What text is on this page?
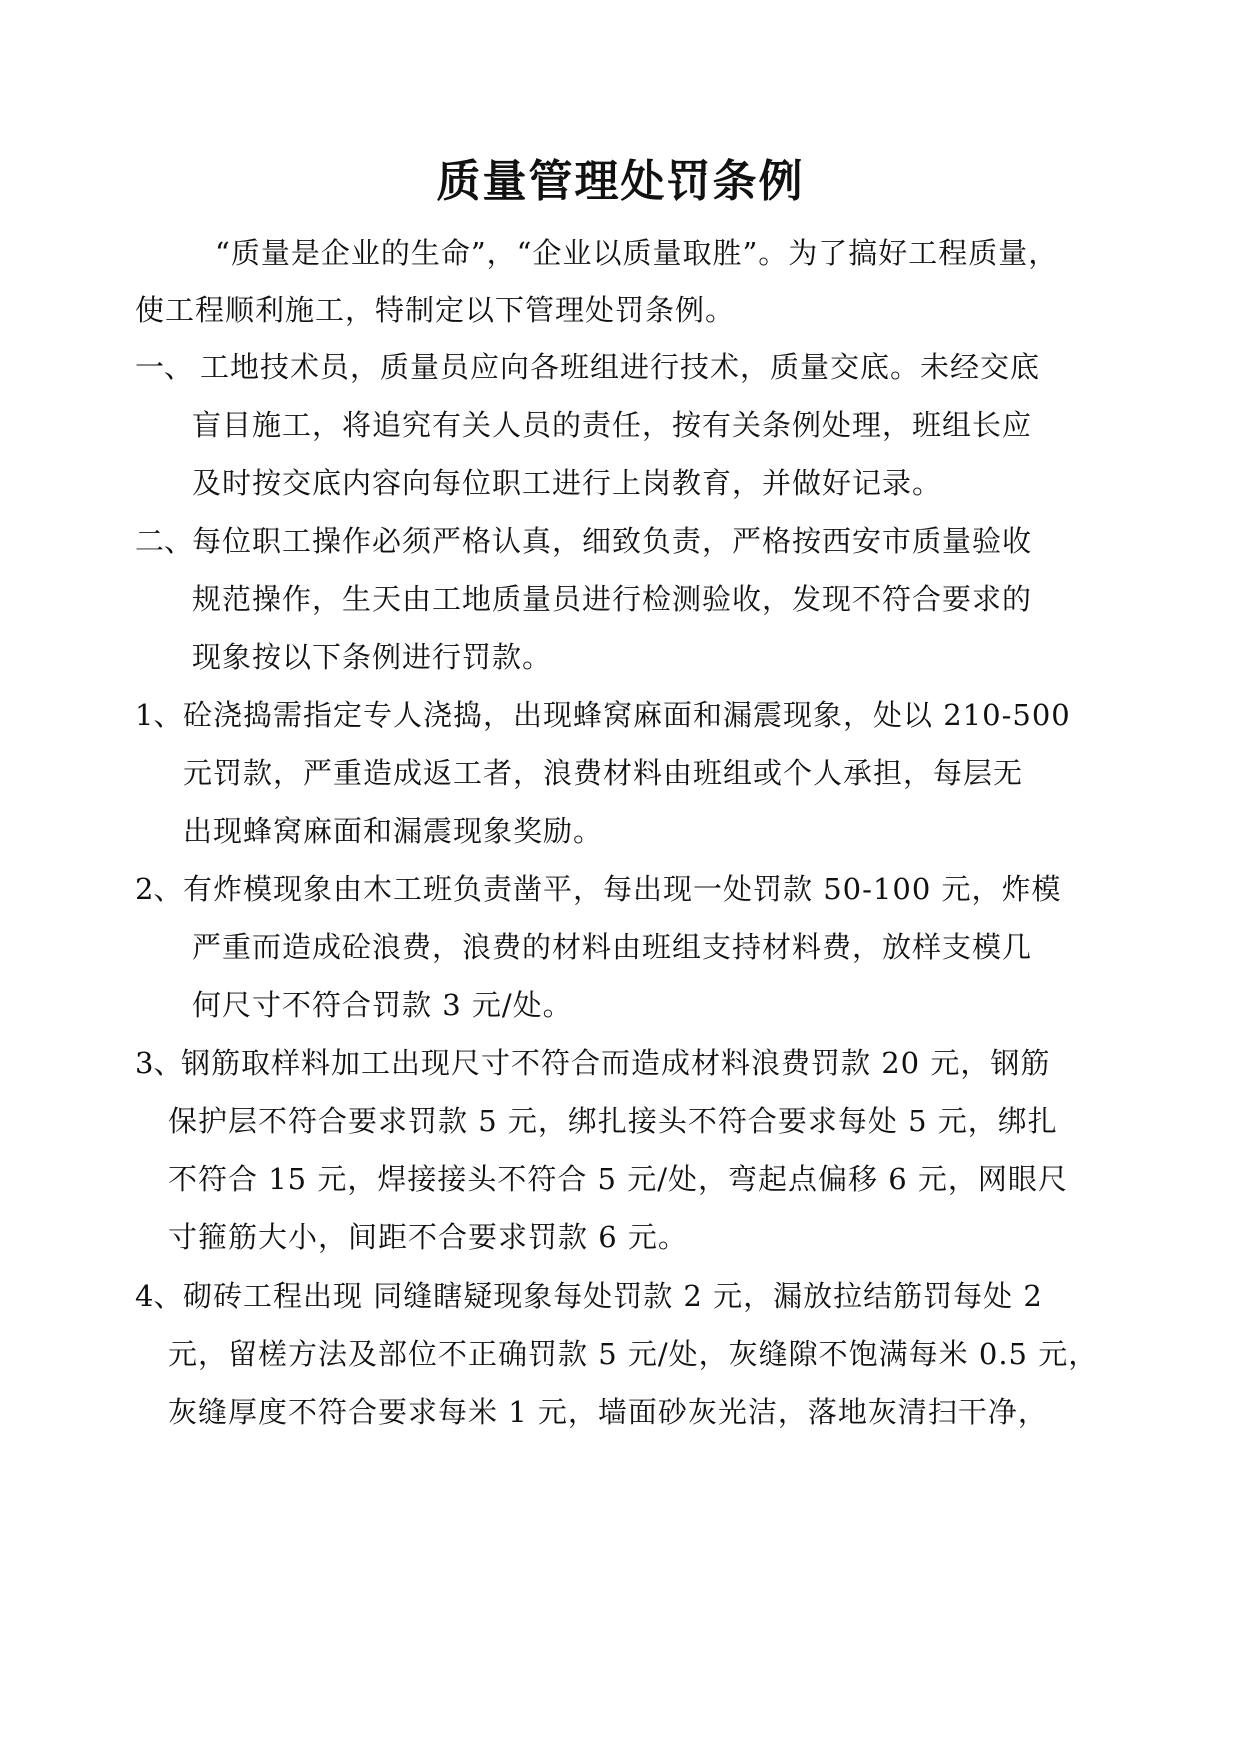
质量管理处罚条例
“质量是企业的生命”，“企业以质量取胜”。为了搞好工程质量，
使工程顺利施工，特制定以下管理处罚条例。
一、 工地技术员，质量员应向各班组进行技术，质量交底。未经交底
盲目施工，将追究有关人员的责任，按有关条例处理，班组长应
及时按交底内容向每位职工进行上岗教育，并做好记录。
二、
每位职工操作必须严格认真，细致负责，严格按西安市质量验收
规范操作，生天由工地质量员进行检测验收，发现不符合要求的
现象按以下条例进行罚款。
1、 砼浇捣需指定专人浇捣，出现蜂窝麻面和漏震现象，处以 210-500
元罚款，严重造成返工者，浪费材料由班组或个人承担，每层无
出现蜂窝麻面和漏震现象奖励。
2、 有炸模现象由木工班负责凿平，每出现一处罚款 50-100 元，炸模
严重而造成砼浪费，浪费的材料由班组支持材料费，放样支模几
何尺寸不符合罚款 3 元/处。
3、
钢筋取样料加工出现尺寸不符合而造成材料浪费罚款 20 元，钢筋
保护层不符合要求罚款 5 元，绑扎接头不符合要求每处 5 元，绑扎
不符合 15 元，焊接接头不符合 5 元/处，弯起点偏移 6 元，网眼尺
寸箍筋大小，间距不合要求罚款 6 元。
4、 砌砖工程出现 同缝瞎疑现象每处罚款 2 元，漏放拉结筋罚每处 2
元，留槎方法及部位不正确罚款 5 元/处，灰缝隙不饱满每米 0.5 元，
灰缝厚度不符合要求每米 1 元，墙面砂灰光洁，落地灰清扫干净，
